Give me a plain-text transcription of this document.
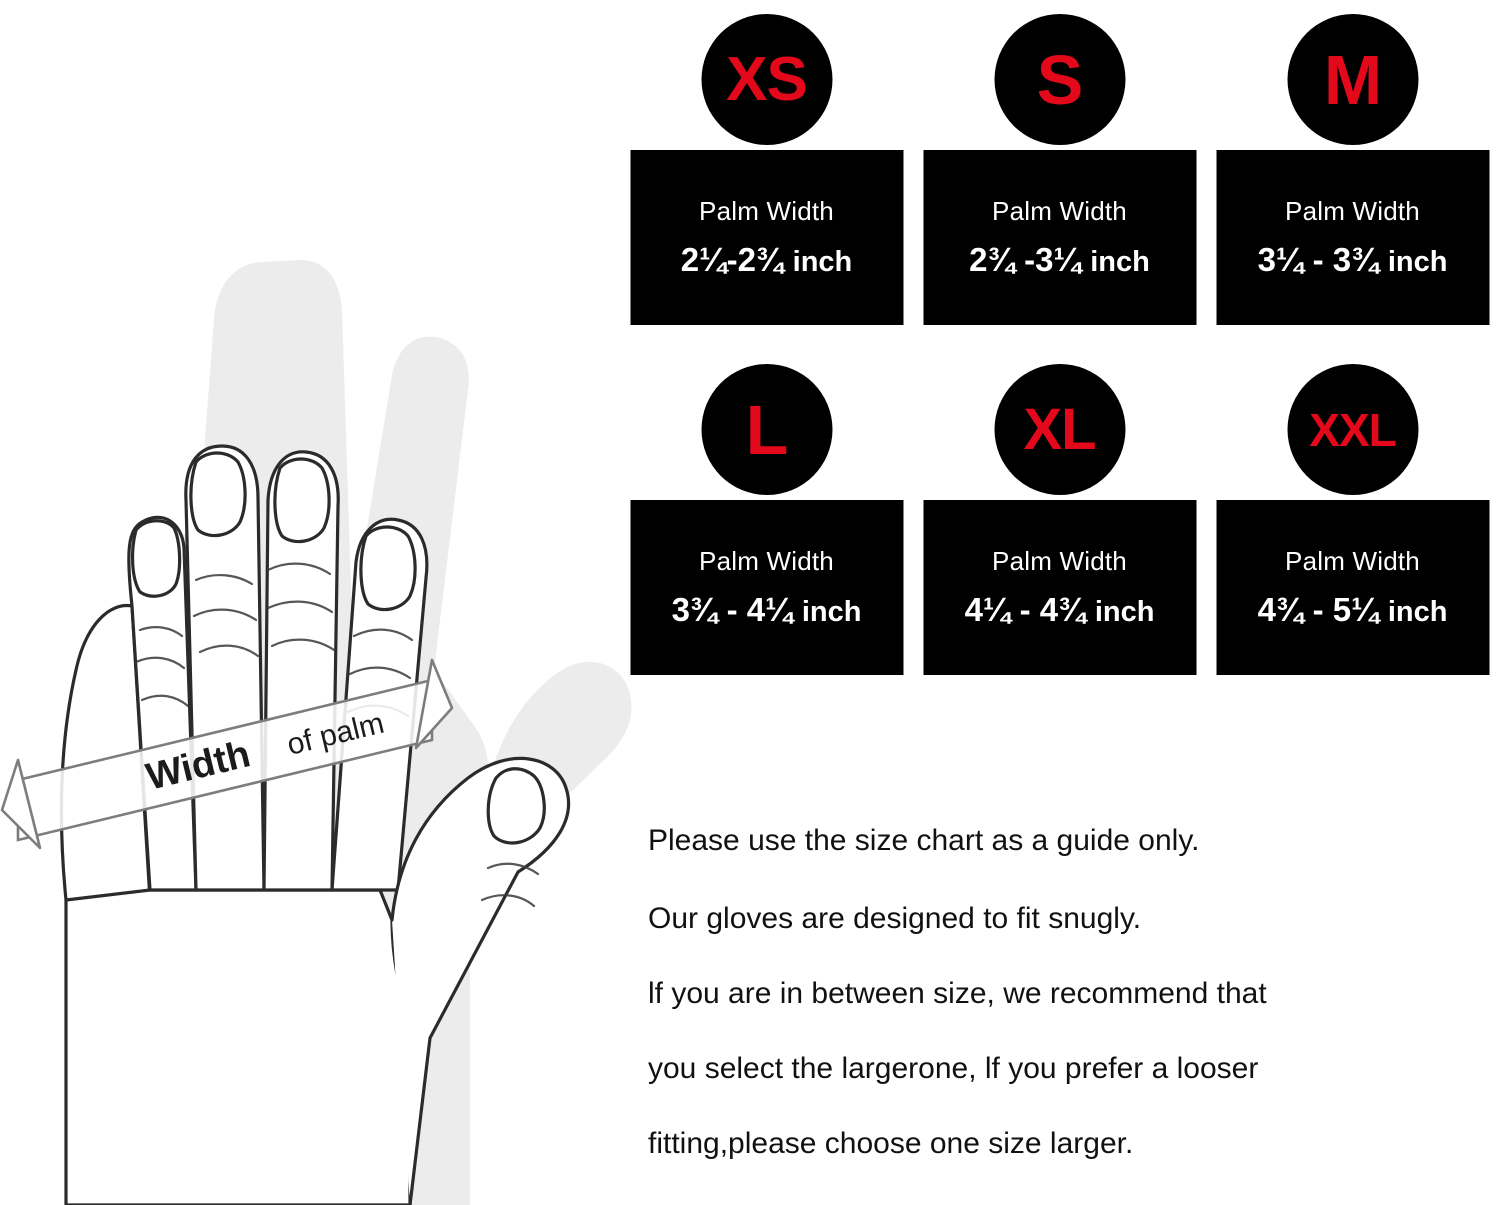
Width of palm
XS
Palm Width
2¼-2¾ inch
S
Palm Width
2¾ -3¼ inch
M
Palm Width
3¼ - 3¾ inch
L
Palm Width
3¾ - 4¼ inch
XL
Palm Width
4¼ - 4¾ inch
XXL
Palm Width
4¾ - 5¼ inch
Please use the size chart as a guide only.
Our gloves are designed to fit snugly.
lf you are in between size, we recommend that
you select the largerone, lf you prefer a looser
fitting,please choose one size larger.
